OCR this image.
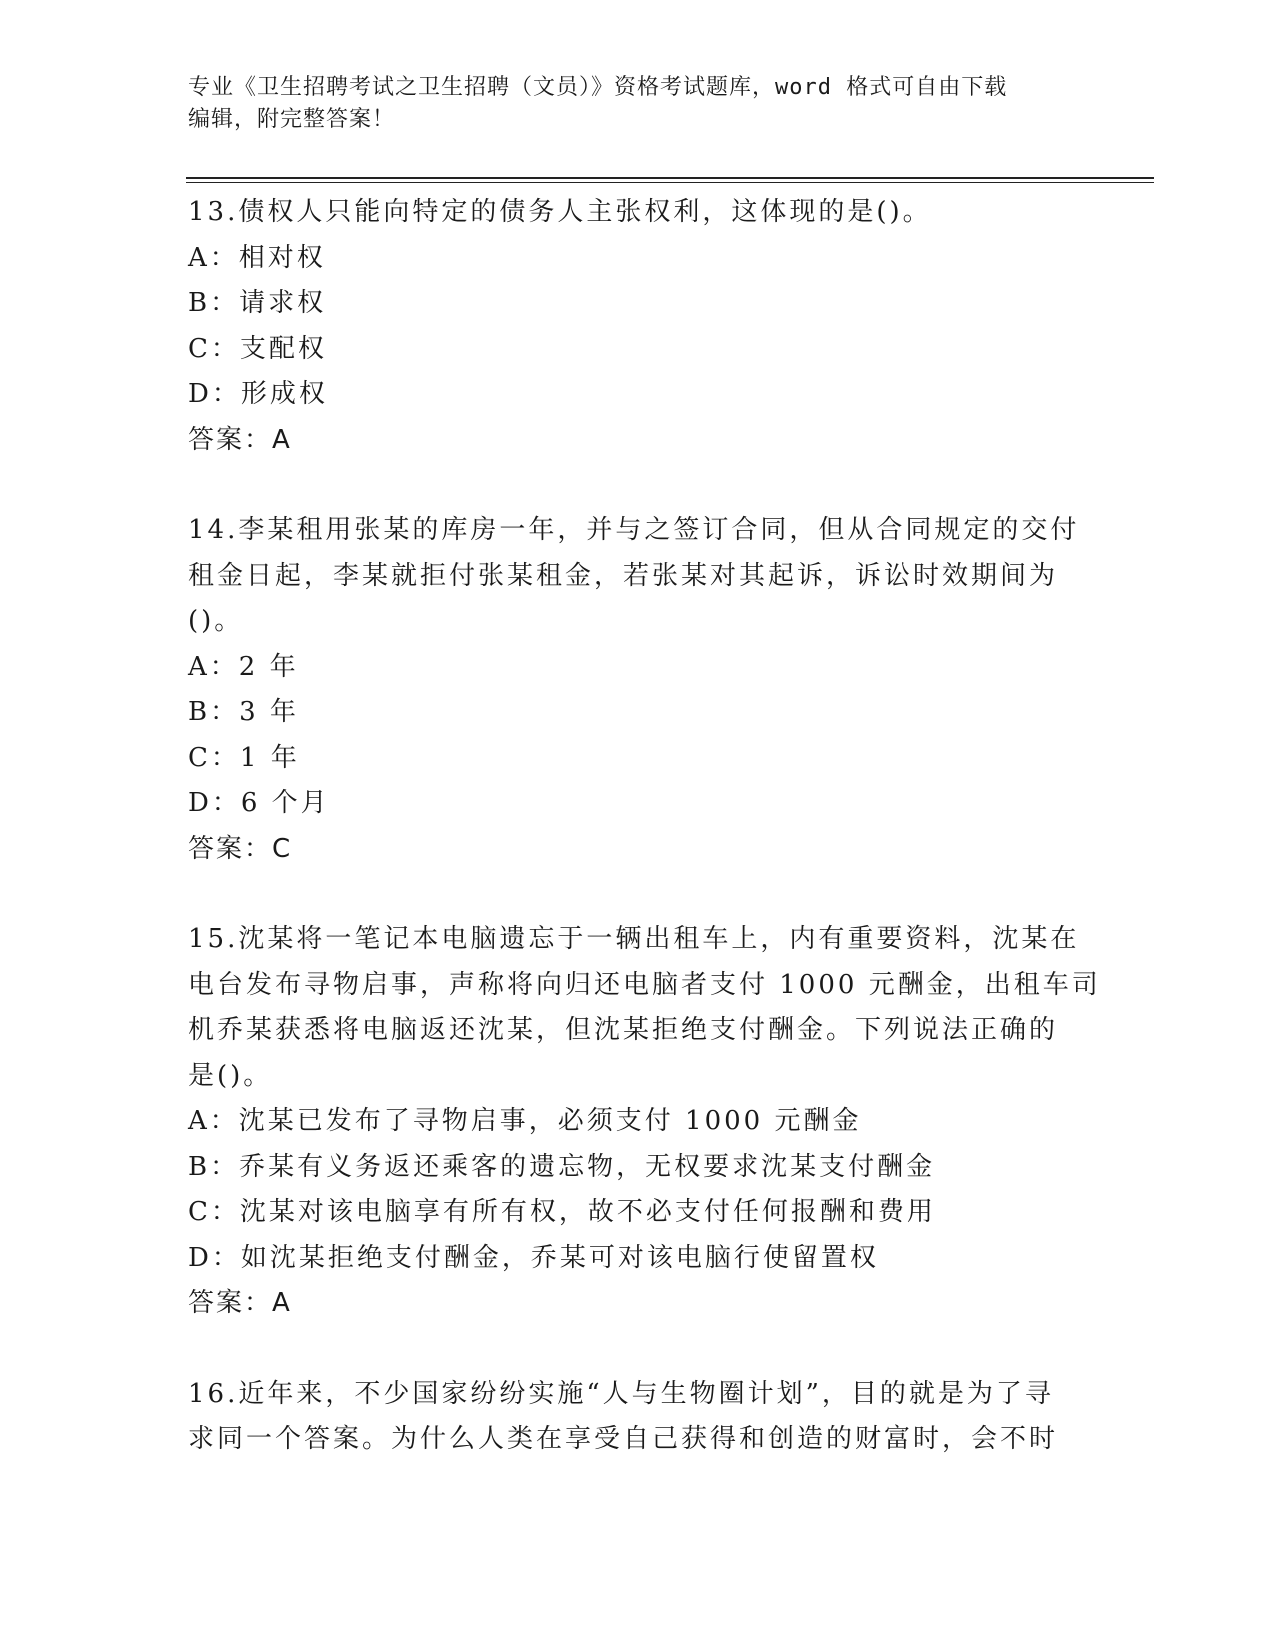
专业《卫生招聘考试之卫生招聘（文员）》资格考试题库，word 格式可自由下载
编辑，附完整答案！
13.债权人只能向特定的债务人主张权利，这体现的是()。
A：相对权
B：请求权
C：支配权
D：形成权
答案：A
14.李某租用张某的库房一年，并与之签订合同，但从合同规定的交付
租金日起，李某就拒付张某租金，若张某对其起诉，诉讼时效期间为
()。
A：2 年
B：3 年
C：1 年
D：6 个月
答案：C
15.沈某将一笔记本电脑遗忘于一辆出租车上，内有重要资料，沈某在
电台发布寻物启事，声称将向归还电脑者支付 1000 元酬金，出租车司
机乔某获悉将电脑返还沈某，但沈某拒绝支付酬金。下列说法正确的
是()。
A：沈某已发布了寻物启事，必须支付 1000 元酬金
B：乔某有义务返还乘客的遗忘物，无权要求沈某支付酬金
C：沈某对该电脑享有所有权，故不必支付任何报酬和费用
D：如沈某拒绝支付酬金，乔某可对该电脑行使留置权
答案：A
16.近年来，不少国家纷纷实施“人与生物圈计划”，目的就是为了寻
求同一个答案。为什么人类在享受自己获得和创造的财富时，会不时
